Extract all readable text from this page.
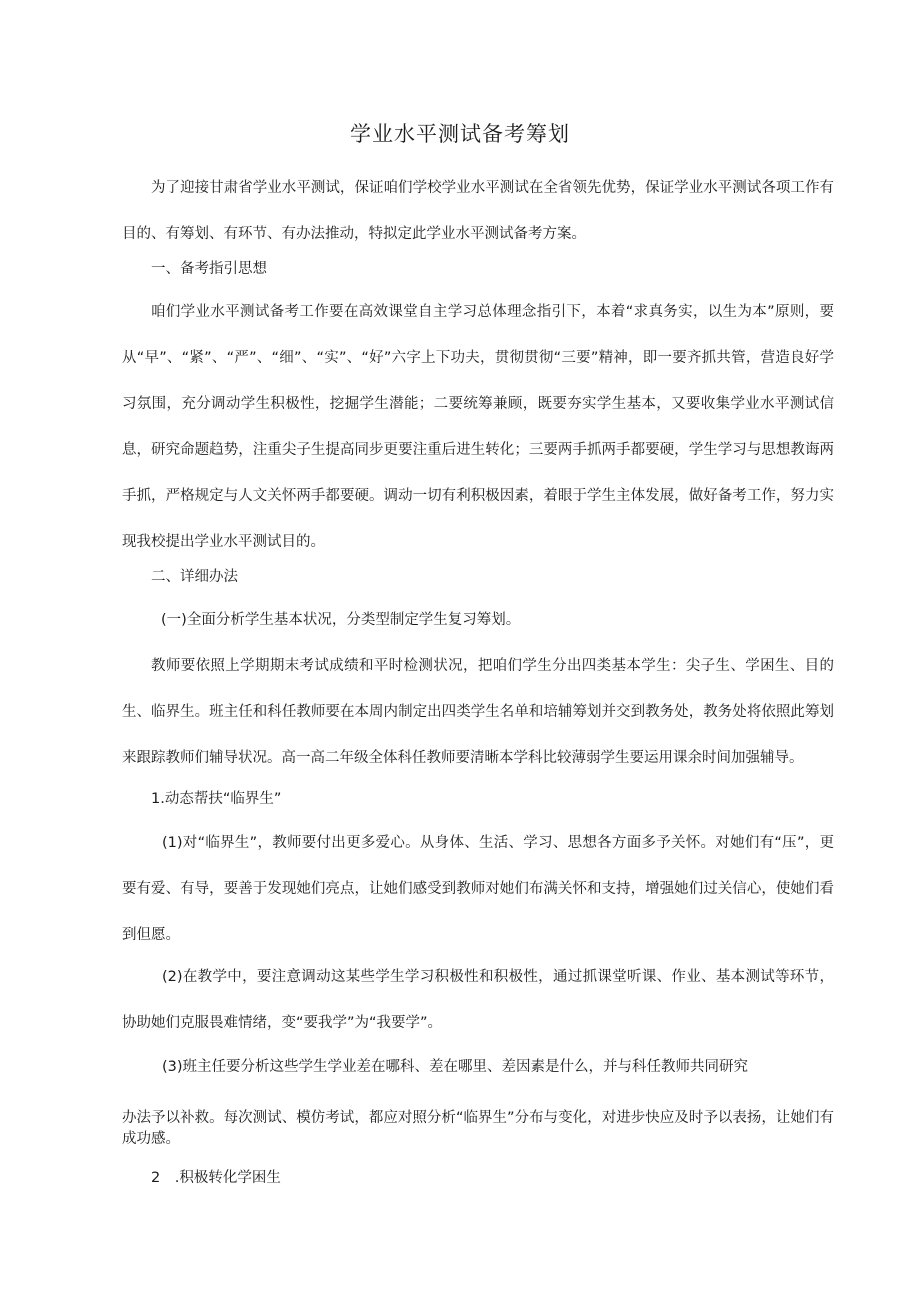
学业水平测试备考筹划

为了迎接甘肃省学业水平测试，保证咱们学校学业水平测试在全省领先优势，保证学业水平测试各项工作有目的、有筹划、有环节、有办法推动，特拟定此学业水平测试备考方案。

一、备考指引思想

咱们学业水平测试备考工作要在高效课堂自主学习总体理念指引下，本着“求真务实，以生为本”原则，要从“早”、“紧”、“严”、“细”、“实”、“好”六字上下功夫，贯彻贯彻“三要”精神，即一要齐抓共管，营造良好学习氛围，充分调动学生积极性，挖掘学生潜能；二要统筹兼顾，既要夯实学生基本，又要收集学业水平测试信息，研究命题趋势，注重尖子生提高同步更要注重后进生转化；三要两手抓两手都要硬，学生学习与思想教诲两手抓，严格规定与人文关怀两手都要硬。调动一切有利积极因素，着眼于学生主体发展，做好备考工作，努力实现我校提出学业水平测试目的。

二、详细办法
(一)全面分析学生基本状况，分类型制定学生复习筹划。

教师要依照上学期期末考试成绩和平时检测状况，把咱们学生分出四类基本学生：尖子生、学困生、目的生、临界生。班主任和科任教师要在本周内制定出四类学生名单和培辅筹划并交到教务处，教务处将依照此筹划来跟踪教师们辅导状况。高一高二年级全体科任教师要清晰本学科比较薄弱学生要运用课余时间加强辅导。

1.动态帮扶“临界生”

(1)对“临界生”，教师要付出更多爱心。从身体、生活、学习、思想各方面多予关怀。对她们有“压”，更要有爱、有导，要善于发现她们亮点，让她们感受到教师对她们布满关怀和支持，增强她们过关信心，使她们看到但愿。

(2)在教学中，要注意调动这某些学生学习积极性和积极性，通过抓课堂听课、作业、基本测试等环节，协助她们克服畏难情绪，变“要我学”为“我要学”。

(3)班主任要分析这些学生学业差在哪科、差在哪里、差因素是什么，并与科任教师共同研究

办法予以补救。每次测试、模仿考试，都应对照分析“临界生”分布与变化，对进步快应及时予以表扬，让她们有成功感。

2 .积极转化学困生
